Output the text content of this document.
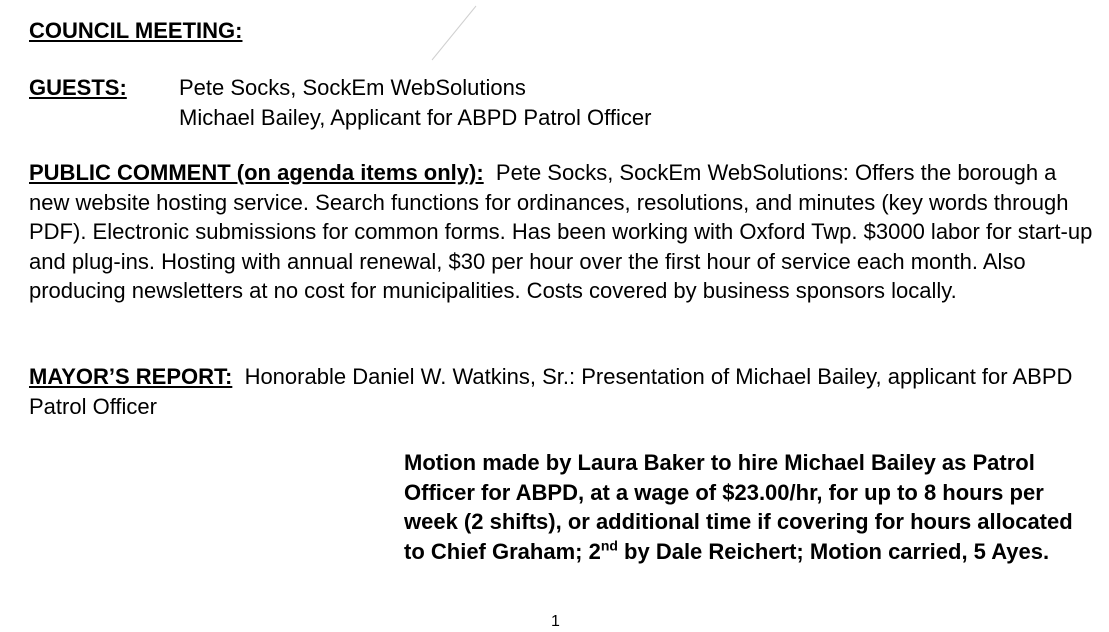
COUNCIL MEETING:
GUESTS: Pete Socks, SockEm WebSolutions
Michael Bailey, Applicant for ABPD Patrol Officer
PUBLIC COMMENT (on agenda items only): Pete Socks, SockEm WebSolutions: Offers the borough a new website hosting service. Search functions for ordinances, resolutions, and minutes (key words through PDF). Electronic submissions for common forms. Has been working with Oxford Twp. $3000 labor for start-up and plug-ins. Hosting with annual renewal, $30 per hour over the first hour of service each month. Also producing newsletters at no cost for municipalities. Costs covered by business sponsors locally.
MAYOR’S REPORT: Honorable Daniel W. Watkins, Sr.: Presentation of Michael Bailey, applicant for ABPD Patrol Officer
Motion made by Laura Baker to hire Michael Bailey as Patrol Officer for ABPD, at a wage of $23.00/hr, for up to 8 hours per week (2 shifts), or additional time if covering for hours allocated to Chief Graham; 2nd by Dale Reichert; Motion carried, 5 Ayes.
1
